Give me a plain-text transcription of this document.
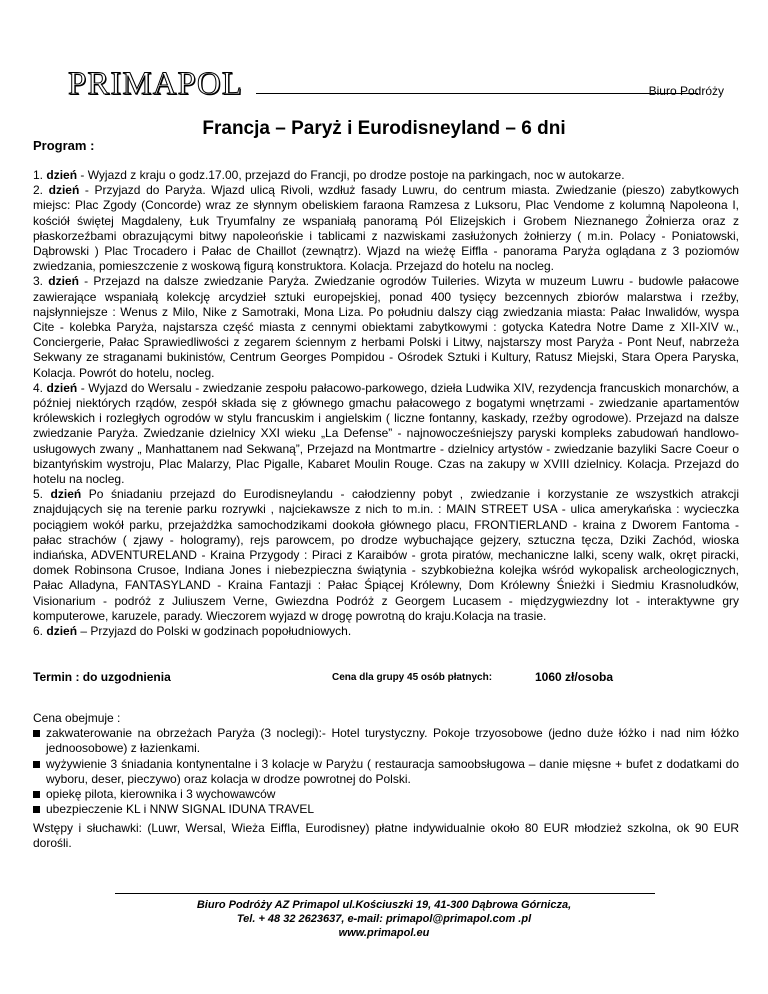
PRIMAPOL	Biuro Podróży
Francja – Paryż i Eurodisneyland – 6 dni
Program :
1. dzień - Wyjazd z kraju o godz.17.00, przejazd do Francji, po drodze postoje na parkingach, noc w autokarze.
2. dzień - Przyjazd do Paryża. Wjazd ulicą Rivoli, wzdłuż fasady Luwru, do centrum miasta. Zwiedzanie (pieszo) zabytkowych miejsc: Plac Zgody (Concorde) wraz ze słynnym obeliskiem faraona Ramzesa z Luksoru, Plac Vendome z kolumną Napoleona I, kościół świętej Magdaleny, Łuk Tryumfalny ze wspaniałą panoramą Pól Elizejskich i Grobem Nieznanego Żołnierza oraz z płaskorzeźbami obrazującymi bitwy napoleońskie i tablicami z nazwiskami zasłużonych żołnierzy ( m.in. Polacy - Poniatowski, Dąbrowski ) Plac Trocadero i Pałac de Chaillot (zewnątrz). Wjazd na wieżę Eiffla - panorama Paryża oglądana z 3 poziomów zwiedzania, pomieszczenie z woskową figurą konstruktora. Kolacja. Przejazd do hotelu na nocleg.
3. dzień - Przejazd na dalsze zwiedzanie Paryża. Zwiedzanie ogrodów Tuileries. Wizyta w muzeum Luwru - budowle pałacowe zawierające wspaniałą kolekcję arcydzieł sztuki europejskiej, ponad 400 tysięcy bezcennych zbiorów malarstwa i rzeźby, najsłynniejsze : Wenus z Milo, Nike z Samotraki, Mona Liza. Po południu dalszy ciąg zwiedzania miasta: Pałac Inwalidów, wyspa Cite - kolebka Paryża, najstarsza część miasta z cennymi obiektami zabytkowymi : gotycka Katedra Notre Dame z XII-XIV w., Conciergerie, Pałac Sprawiedliwości z zegarem ściennym z herbami Polski i Litwy, najstarszy most Paryża - Pont Neuf, nabrzeża Sekwany ze straganami bukinistów, Centrum Georges Pompidou - Ośrodek Sztuki i Kultury, Ratusz Miejski, Stara Opera Paryska, Kolacja. Powrót do hotelu, nocleg.
4. dzień - Wyjazd do Wersalu - zwiedzanie zespołu pałacowo-parkowego, dzieła Ludwika XIV, rezydencja francuskich monarchów, a później niektórych rządów, zespół składa się z głównego gmachu pałacowego z bogatymi wnętrzami - zwiedzanie apartamentów królewskich i rozległych ogrodów w stylu francuskim i angielskim ( liczne fontanny, kaskady, rzeźby ogrodowe). Przejazd na dalsze zwiedzanie Paryża. Zwiedzanie dzielnicy XXI wieku „La Defense” - najnowocześniejszy paryski kompleks zabudowań handlowo-usługowych zwany „ Manhattanem nad Sekwaną”, Przejazd na Montmartre - dzielnicy artystów - zwiedzanie bazyliki Sacre Coeur o bizantyńskim wystroju, Plac Malarzy, Plac Pigalle, Kabaret Moulin Rouge. Czas na zakupy w XVIII dzielnicy. Kolacja. Przejazd do hotelu na nocleg.
5. dzień Po śniadaniu przejazd do Eurodisneylandu - całodzienny pobyt , zwiedzanie i korzystanie ze wszystkich atrakcji znajdujących się na terenie parku rozrywki , najciekawsze z nich to m.in. : MAIN STREET USA - ulica amerykańska : wycieczka pociągiem wokół parku, przejażdżka samochodzikami dookoła głównego placu, FRONTIERLAND - kraina z Dworem Fantoma - pałac strachów ( zjawy - hologramy), rejs parowcem, po drodze wybuchające gejzery, sztuczna tęcza, Dziki Zachód, wioska indiańska, ADVENTURELAND - Kraina Przygody : Piraci z Karaibów - grota piratów, mechaniczne lalki, sceny walk, okręt piracki, domek Robinsona Crusoe, Indiana Jones i niebezpieczna świątynia - szybkobieżna kolejka wśród wykopalisk archeologicznych, Pałac Alladyna, FANTASYLAND - Kraina Fantazji : Pałac Śpiącej Królewny, Dom Królewny Śnieżki i Siedmiu Krasnoludków, Visionarium - podróż z Juliuszem Verne, Gwiezdna Podróż z Georgem Lucasem - międzygwiezdny lot - interaktywne gry komputerowe, karuzele, parady. Wieczorem wyjazd w drogę powrotną do kraju.Kolacja na trasie.
6. dzień – Przyjazd do Polski w godzinach popołudniowych.
Termin : do uzgodnienia	Cena dla grupy 45 osób płatnych:	1060 zł/osoba
Cena obejmuje :
zakwaterowanie na obrzeżach Paryża (3 noclegi):- Hotel turystyczny. Pokoje trzyosobowe (jedno duże łóżko i nad nim łóżko jednoosobowe) z łazienkami.
wyżywienie 3 śniadania kontynentalne i 3 kolacje w Paryżu ( restauracja samoobsługowa – danie mięsne + bufet z dodatkami do wyboru, deser, pieczywo) oraz kolacja w drodze powrotnej do Polski.
opiekę pilota, kierownika i 3 wychowawców
ubezpieczenie KL i NNW SIGNAL IDUNA TRAVEL
Wstępy i słuchawki: (Luwr, Wersal, Wieża Eiffla, Eurodisney) płatne indywidualnie około 80 EUR młodzież szkolna, ok 90 EUR dorośli.
Biuro Podróży AZ Primapol ul.Kościuszki 19, 41-300 Dąbrowa Górnicza,
Tel. + 48 32 2623637, e-mail: primapol@primapol.com .pl
www.primapol.eu
